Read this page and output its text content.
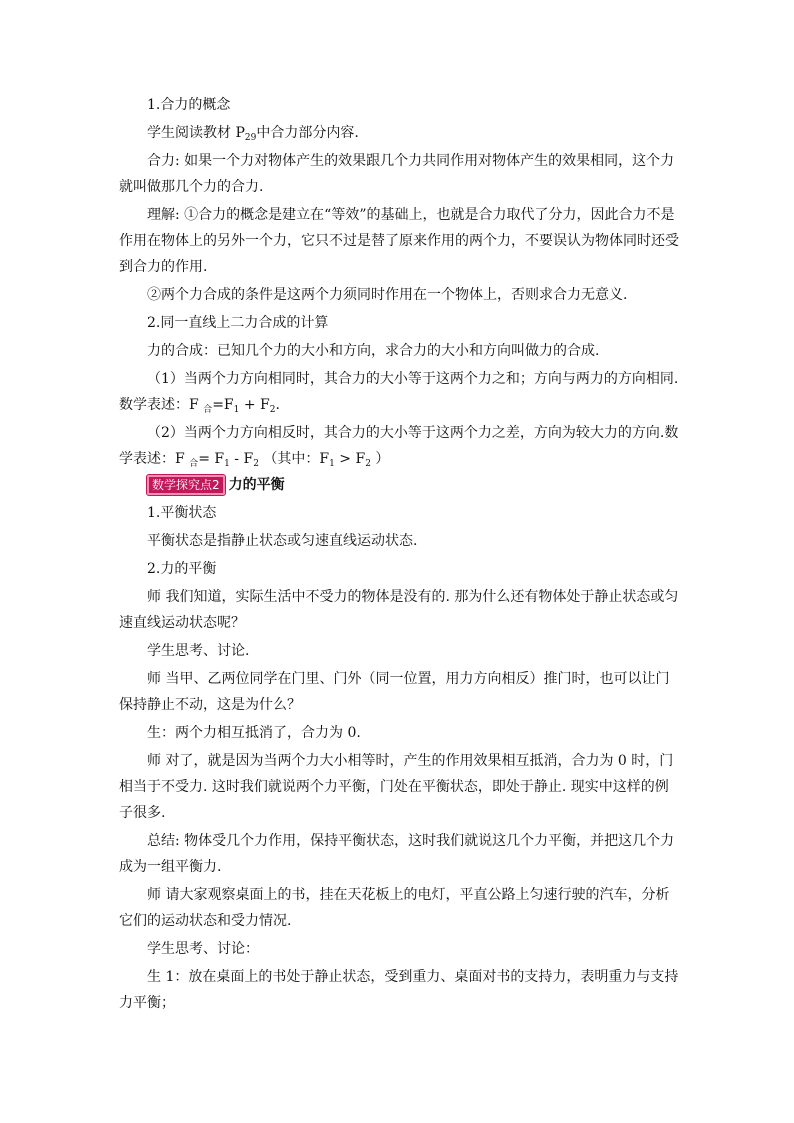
1.合力的概念

学生阅读教材 $P_{29}$中合力部分内容.

合力: 如果一个力对物体产生的效果跟几个力共同作用对物体产生的效果相同，这个力就叫做那几个力的合力.

理解: ①合力的概念是建立在“等效”的基础上，也就是合力取代了分力，因此合力不是作用在物体上的另外一个力，它只不过是替了原来作用的两个力，不要误认为物体同时还受到合力的作用.

②两个力合成的条件是这两个力须同时作用在一个物体上，否则求合力无意义.

2.同一直线上二力合成的计算

力的合成：已知几个力的大小和方向，求合力的大小和方向叫做力的合成.

（1）当两个力方向相同时，其合力的大小等于这两个力之和；方向与两力的方向相同.数学表述：F $_合=F_1 + F_2$.

（2）当两个力方向相反时，其合力的大小等于这两个力之差，方向为较大力的方向.数学表述：F $_合= F_1 - F_2$ （其中：$F_1 > F_2$ ）

数学探究点2 力的平衡

1.平衡状态

平衡状态是指静止状态或匀速直线运动状态.

2.力的平衡

师 我们知道，实际生活中不受力的物体是没有的. 那为什么还有物体处于静止状态或匀速直线运动状态呢？

学生思考、讨论.

师 当甲、乙两位同学在门里、门外（同一位置，用力方向相反）推门时，也可以让门保持静止不动，这是为什么？

生：两个力相互抵消了，合力为 0.

师 对了，就是因为当两个力大小相等时，产生的作用效果相互抵消，合力为 0 时，门相当于不受力. 这时我们就说两个力平衡，门处在平衡状态，即处于静止. 现实中这样的例子很多.

总结: 物体受几个力作用，保持平衡状态，这时我们就说这几个力平衡，并把这几个力成为一组平衡力.

师 请大家观察桌面上的书，挂在天花板上的电灯，平直公路上匀速行驶的汽车，分析它们的运动状态和受力情况.

学生思考、讨论：

生 1：放在桌面上的书处于静止状态，受到重力、桌面对书的支持力，表明重力与支持力平衡；
